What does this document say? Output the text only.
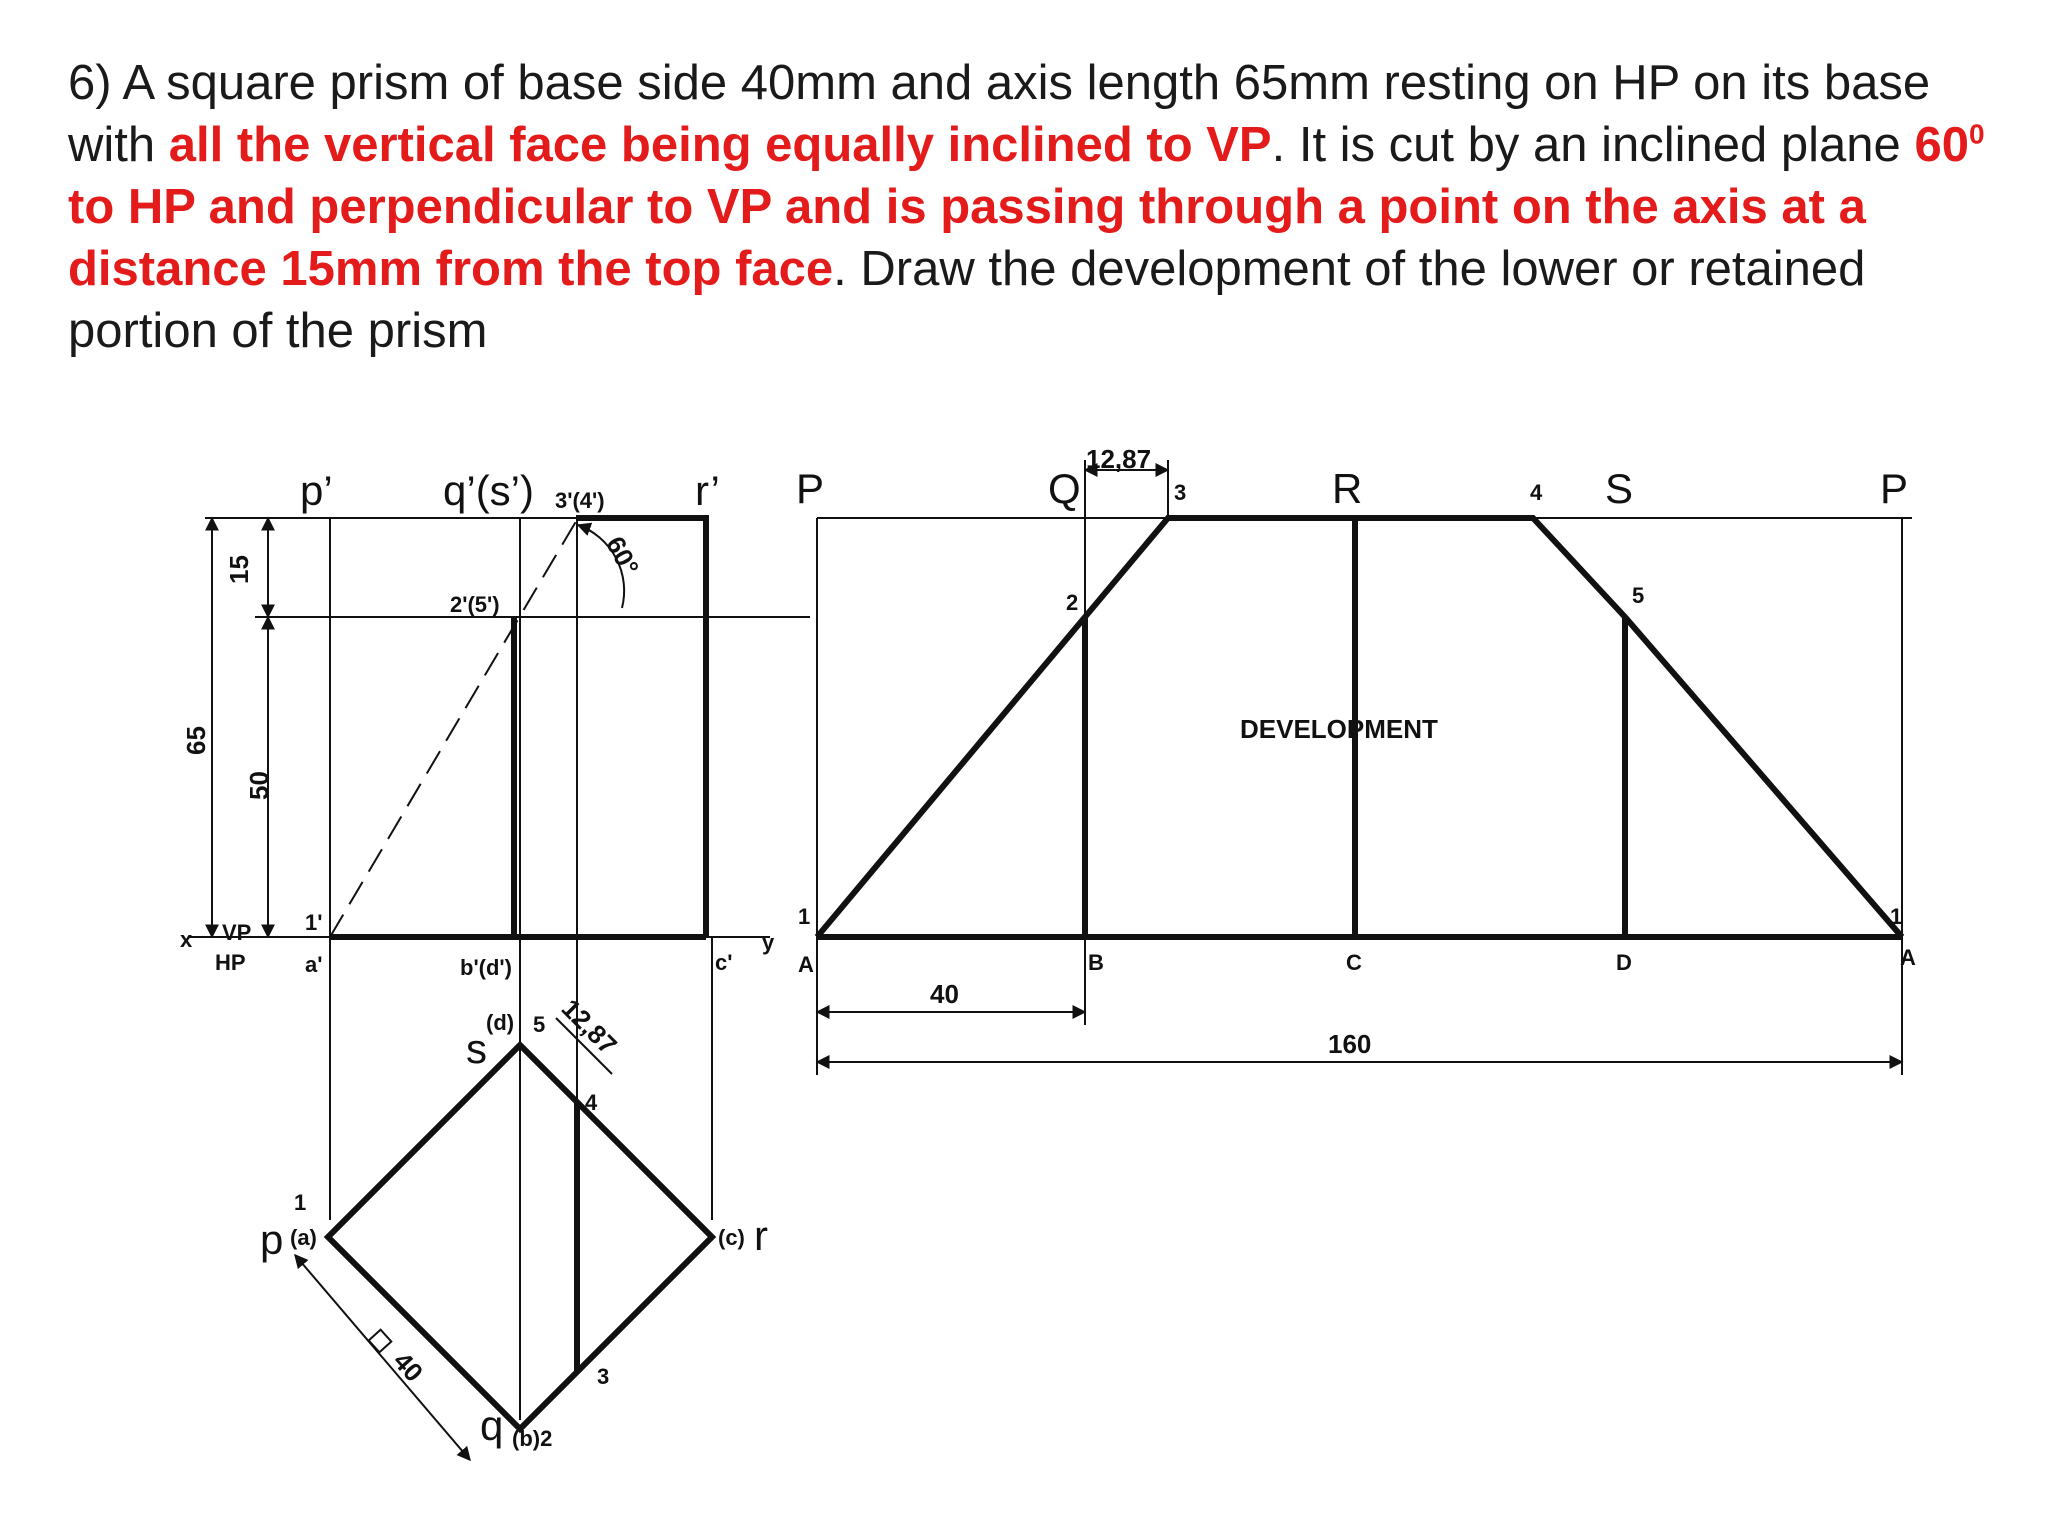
6) A square prism of base side 40mm and axis length 65mm resting on HP on its base with all the vertical face being equally inclined to VP. It is cut by an inclined plane $60^0$ to HP and perpendicular to VP and is passing through a point on the axis at a distance 15mm from the top face. Draw the development of the lower or retained portion of the prism
p’	q’(s’) 3'(4') r’
2'(5')
60°
1'
a'	b'(d')	c'
VP
HP
x	y
15
50
65
s
(d) 5 12,87
4
p
1
(a)	(c) r
3
q (b)2
40
P	Q
12,87
3	R	4 S	P
2	5
DEVELOPMENT
1
A	B	C	D
1
A
40
160
